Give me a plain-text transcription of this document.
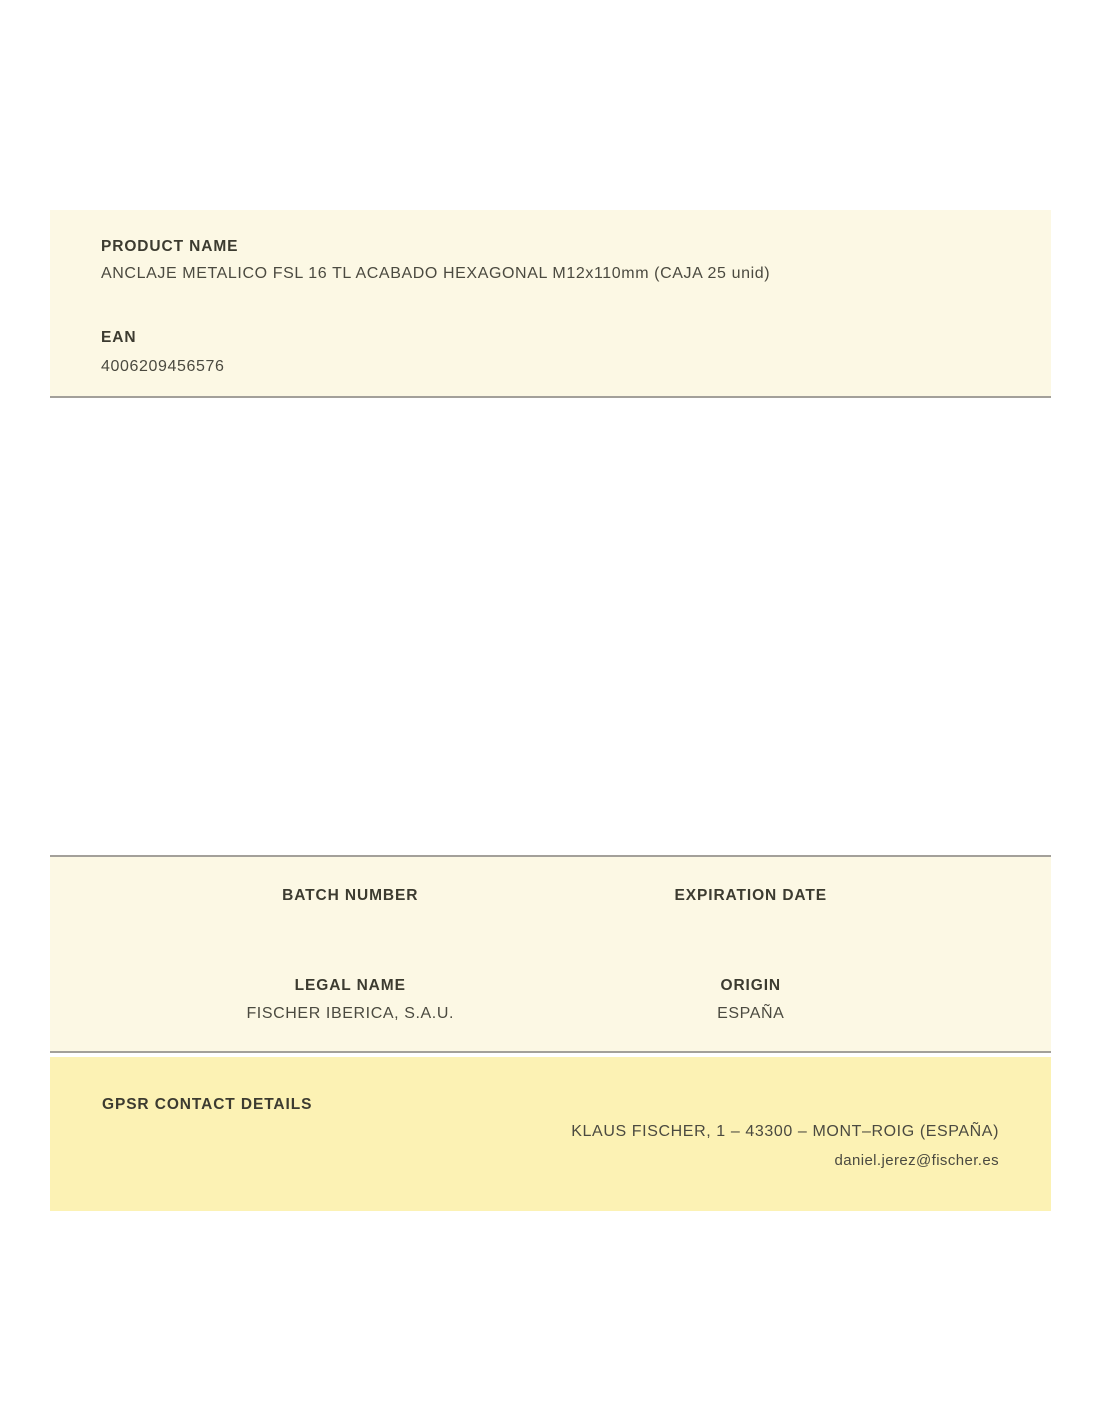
PRODUCT NAME
ANCLAJE METALICO FSL 16 TL ACABADO HEXAGONAL M12x110mm (CAJA 25 unid)
EAN
4006209456576
BATCH NUMBER	EXPIRATION DATE
LEGAL NAME
FISCHER IBERICA, S.A.U.
ORIGIN
ESPAÑA
GPSR CONTACT DETAILS
KLAUS FISCHER, 1 – 43300 – MONT–ROIG (ESPAÑA)
daniel.jerez@fischer.es
